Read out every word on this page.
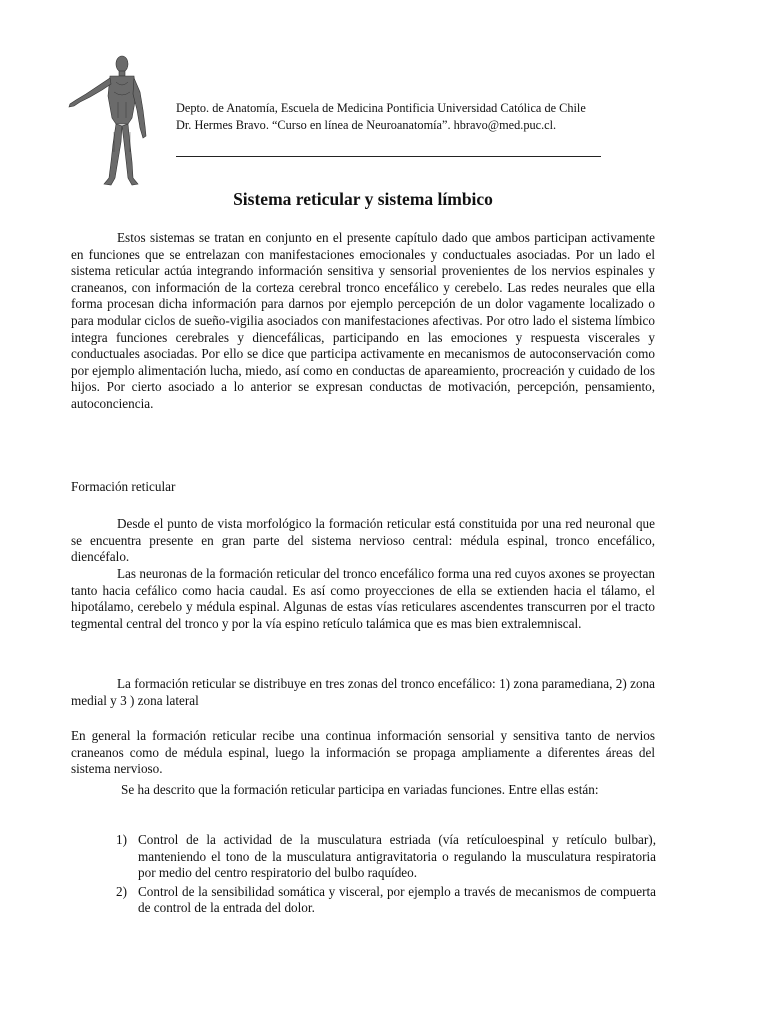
Depto. de Anatomía, Escuela de Medicina Pontificia Universidad Católica de Chile
Dr. Hermes Bravo. “Curso en línea de Neuroanatomía”. hbravo@med.puc.cl.
Sistema reticular y sistema límbico
Estos sistemas se tratan en conjunto en el presente capítulo dado que ambos participan activamente en funciones que se entrelazan con manifestaciones emocionales y conductuales asociadas. Por un lado el sistema reticular actúa integrando información sensitiva y sensorial provenientes de los nervios espinales y craneanos, con información de la corteza cerebral tronco encefálico y cerebelo. Las redes neurales que ella forma procesan dicha información para darnos por ejemplo percepción de un dolor vagamente localizado o para modular ciclos de sueño-vigilia asociados con manifestaciones afectivas. Por otro lado el sistema límbico integra funciones cerebrales y diencefálicas, participando en las emociones y respuesta viscerales y conductuales asociadas. Por ello se dice que participa activamente en mecanismos de autoconservación como por ejemplo alimentación lucha, miedo, así como en conductas de apareamiento, procreación y cuidado de los hijos. Por cierto asociado a lo anterior se expresan conductas de motivación, percepción, pensamiento, autoconciencia.
Formación reticular
Desde el punto de vista morfológico la formación reticular está constituida por una red neuronal que se encuentra presente en gran parte del sistema nervioso central: médula espinal, tronco encefálico, diencéfalo.
Las neuronas de la formación reticular del tronco encefálico forma una red cuyos axones se proyectan tanto hacia cefálico como hacia caudal. Es así como proyecciones de ella se extienden hacia el tálamo, el hipotálamo, cerebelo y médula espinal. Algunas de estas vías reticulares ascendentes transcurren por el tracto tegmental central del tronco y por la vía espino retículo talámica que es mas bien extralemniscal.
La formación reticular se distribuye en tres zonas del tronco encefálico: 1) zona paramediana, 2) zona medial y 3 ) zona lateral
En general la formación reticular recibe una continua información sensorial y sensitiva tanto de nervios craneanos como de médula espinal, luego la información se propaga ampliamente a diferentes áreas del sistema nervioso.
Se ha descrito que la formación reticular participa en variadas funciones. Entre ellas están:
1) Control de la actividad de la musculatura estriada (vía retículoespinal y retículo bulbar), manteniendo el tono de la musculatura antigravitatoria o regulando la musculatura respiratoria por medio del centro respiratorio del bulbo raquídeo.
2) Control de la sensibilidad somática y visceral, por ejemplo a través de mecanismos de compuerta de control de la entrada del dolor.
